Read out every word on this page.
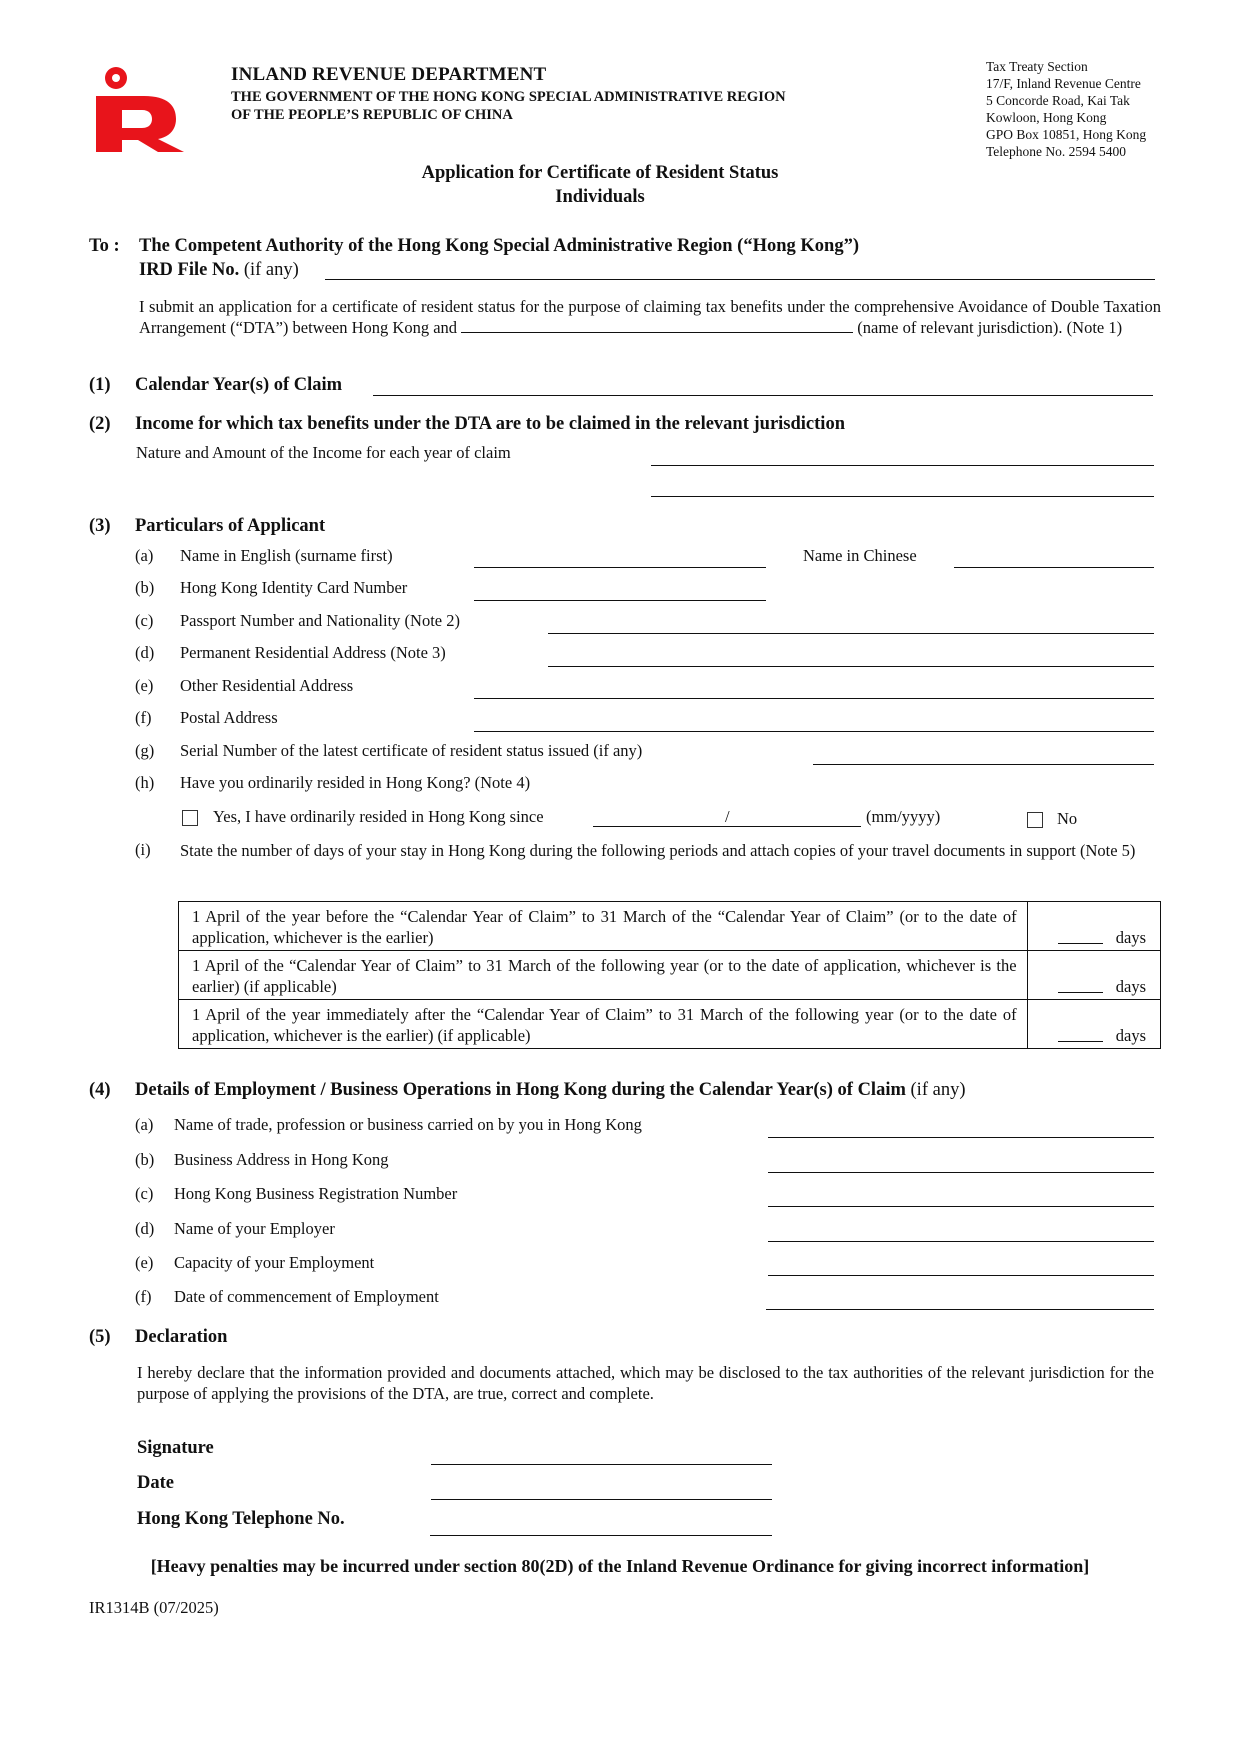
INLAND REVENUE DEPARTMENT
THE GOVERNMENT OF THE HONG KONG SPECIAL ADMINISTRATIVE REGION
OF THE PEOPLE’S REPUBLIC OF CHINA
Tax Treaty Section
17/F, Inland Revenue Centre
5 Concorde Road, Kai Tak
Kowloon, Hong Kong
GPO Box 10851, Hong Kong
Telephone No. 2594 5400
Application for Certificate of Resident Status
Individuals
To : The Competent Authority of the Hong Kong Special Administrative Region (“Hong Kong”)
IRD File No. (if any)
I submit an application for a certificate of resident status for the purpose of claiming tax benefits under the comprehensive Avoidance of Double Taxation Arrangement (“DTA”) between Hong Kong and	(name of relevant jurisdiction). (Note 1)
(1) Calendar Year(s) of Claim
(2) Income for which tax benefits under the DTA are to be claimed in the relevant jurisdiction
Nature and Amount of the Income for each year of claim
(3) Particulars of Applicant
(a) Name in English (surname first)	Name in Chinese
(b) Hong Kong Identity Card Number
(c) Passport Number and Nationality (Note 2)
(d) Permanent Residential Address (Note 3)
(e) Other Residential Address
(f) Postal Address
(g) Serial Number of the latest certificate of resident status issued (if any)
(h) Have you ordinarily resided in Hong Kong? (Note 4)
Yes, I have ordinarily resided in Hong Kong since	/	(mm/yyyy)	No
(i) State the number of days of your stay in Hong Kong during the following periods and attach copies of your travel documents in support (Note 5)
1 April of the year before the “Calendar Year of Claim” to 31 March of the “Calendar Year of Claim” (or to the date of application, whichever is the earlier)	days

1 April of the “Calendar Year of Claim” to 31 March of the following year (or to the date of application, whichever is the earlier) (if applicable)	days

1 April of the year immediately after the “Calendar Year of Claim” to 31 March of the following year (or to the date of application, whichever is the earlier) (if applicable)	days
(4) Details of Employment / Business Operations in Hong Kong during the Calendar Year(s) of Claim (if any)
(a) Name of trade, profession or business carried on by you in Hong Kong
(b) Business Address in Hong Kong
(c) Hong Kong Business Registration Number
(d) Name of your Employer
(e) Capacity of your Employment
(f) Date of commencement of Employment
(5) Declaration
I hereby declare that the information provided and documents attached, which may be disclosed to the tax authorities of the relevant jurisdiction for the purpose of applying the provisions of the DTA, are true, correct and complete.
Signature
Date
Hong Kong Telephone No.
[Heavy penalties may be incurred under section 80(2D) of the Inland Revenue Ordinance for giving incorrect information]
IR1314B (07/2025)
